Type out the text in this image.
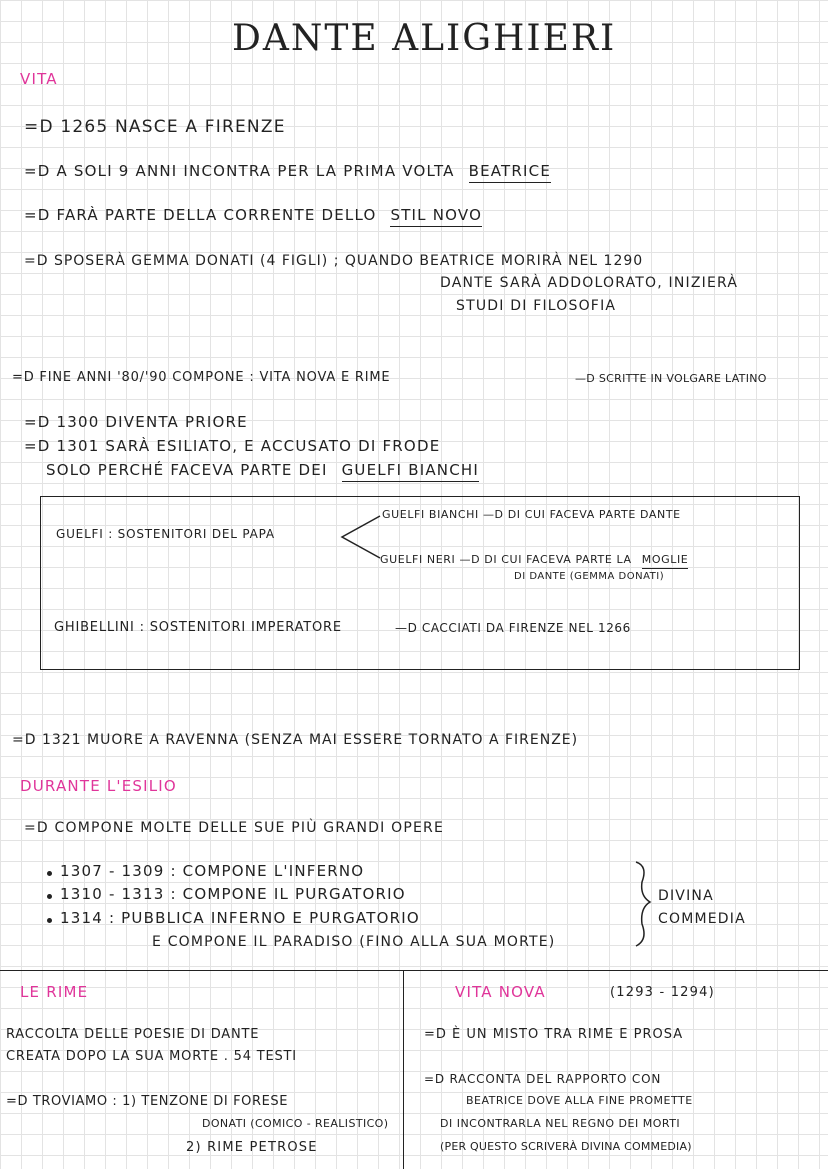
DANTE ALIGHIERI
VITA
=D 1265 NASCE A FIRENZE
=D A SOLI 9 ANNI INCONTRA PER LA PRIMA VOLTA BEATRICE
=D FARÀ PARTE DELLA CORRENTE DELLO STIL NOVO
=D SPOSERÀ GEMMA DONATI (4 FIGLI) ; QUANDO BEATRICE MORIRÀ NEL 1290
DANTE SARÀ ADDOLORATO, INIZIERÀ
STUDI DI FILOSOFIA
=D FINE ANNI '80/'90 COMPONE : VITA NOVA E RIME	—D SCRITTE IN VOLGARE LATINO
=D 1300 DIVENTA PRIORE
=D 1301 SARÀ ESILIATO, E ACCUSATO DI FRODE
SOLO PERCHÉ FACEVA PARTE DEI GUELFI BIANCHI
GUELFI : SOSTENITORI DEL PAPA
GUELFI BIANCHI —D DI CUI FACEVA PARTE DANTE
GUELFI NERI —D DI CUI FACEVA PARTE LA MOGLIE
DI DANTE (GEMMA DONATI)
GHIBELLINI : SOSTENITORI IMPERATORE	—D CACCIATI DA FIRENZE NEL 1266
=D 1321 MUORE A RAVENNA (SENZA MAI ESSERE TORNATO A FIRENZE)
DURANTE L'ESILIO
=D COMPONE MOLTE DELLE SUE PIÙ GRANDI OPERE
1307 - 1309 : COMPONE L'INFERNO
1310 - 1313 : COMPONE IL PURGATORIO
1314 : PUBBLICA INFERNO E PURGATORIO
E COMPONE IL PARADISO (FINO ALLA SUA MORTE)
DIVINA
COMMEDIA
LE RIME
RACCOLTA DELLE POESIE DI DANTE
CREATA DOPO LA SUA MORTE . 54 TESTI
=D TROVIAMO : 1) TENZONE DI FORESE
DONATI (COMICO - REALISTICO)
2) RIME PETROSE
VITA NOVA	(1293 - 1294)
=D È UN MISTO TRA RIME E PROSA
=D RACCONTA DEL RAPPORTO CON
BEATRICE DOVE ALLA FINE PROMETTE
DI INCONTRARLA NEL REGNO DEI MORTI
(PER QUESTO SCRIVERÀ DIVINA COMMEDIA)
